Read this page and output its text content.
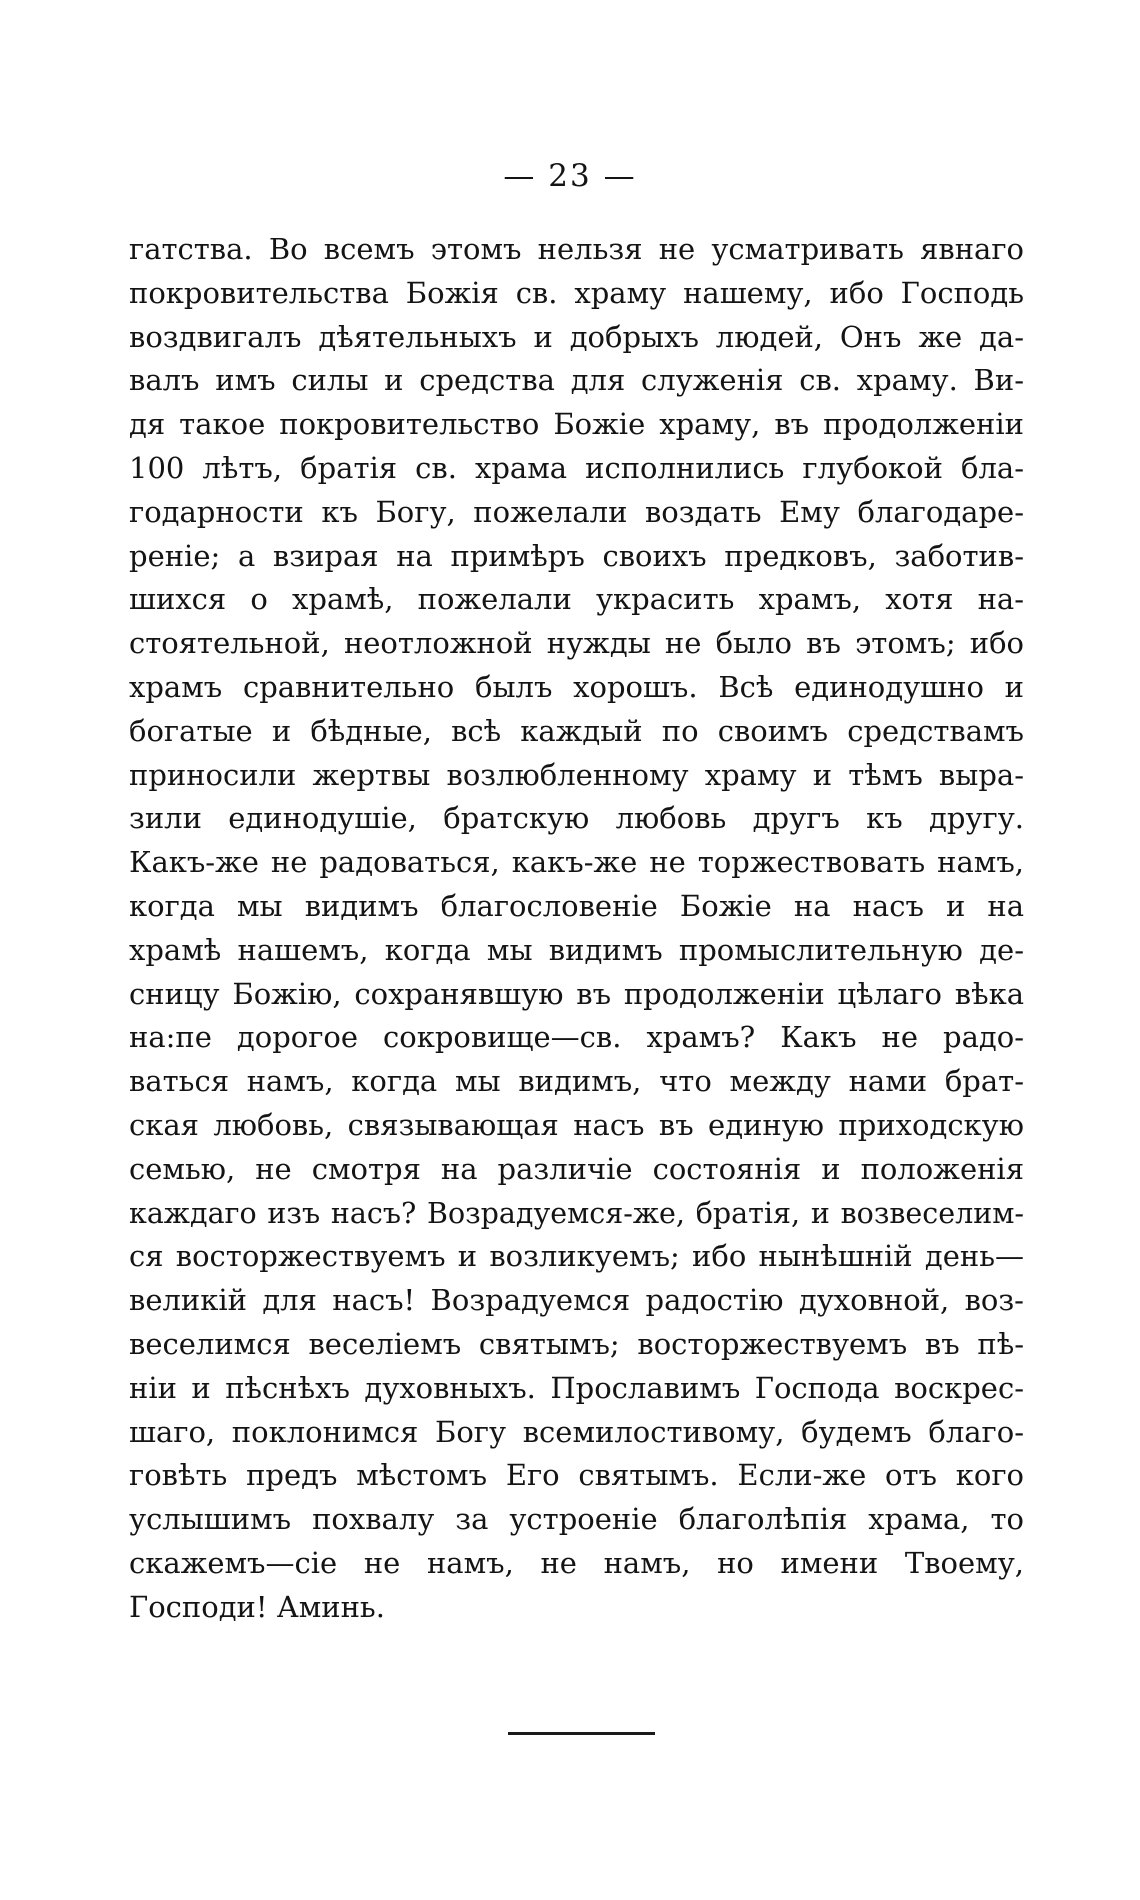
— 23 —
гатства. Во всемъ этомъ нельзя не усматривать явнаго
покровительства Божія св. храму нашему, ибо Господь
воздвигалъ дѣятельныхъ и добрыхъ людей, Онъ же да-
валъ имъ силы и средства для служенія св. храму. Ви-
дя такое покровительство Божіе храму, въ продолженіи
100 лѣтъ, братія св. храма исполнились глубокой бла-
годарности къ Богу, пожелали воздать Ему благодаре-
реніе; а взирая на примѣръ своихъ предковъ, заботив-
шихся о храмѣ, пожелали украсить храмъ, хотя на-
стоятельной, неотложной нужды не было въ этомъ; ибо
храмъ сравнительно былъ хорошъ. Всѣ единодушно и
богатые и бѣдные, всѣ каждый по своимъ средствамъ
приносили жертвы возлюбленному храму и тѣмъ выра-
зили единодушіе, братскую любовь другъ къ другу.
Какъ-же не радоваться, какъ-же не торжествовать намъ,
когда мы видимъ благословеніе Божіе на насъ и на
храмѣ нашемъ, когда мы видимъ промыслительную де-
сницу Божію, сохранявшую въ продолженіи цѣлаго вѣка
на:пе дорогое сокровище—св. храмъ? Какъ не радо-
ваться намъ, когда мы видимъ, что между нами брат-
ская любовь, связывающая насъ въ единую приходскую
семью, не смотря на различіе состоянія и положенія
каждаго изъ насъ? Возрадуемся-же, братія, и возвеселим-
ся восторжествуемъ и возликуемъ; ибо нынѣшній день—
великій для насъ! Возрадуемся радостію духовной, воз-
веселимся веселіемъ святымъ; восторжествуемъ въ пѣ-
ніи и пѣснѣхъ духовныхъ. Прославимъ Господа воскрес-
шаго, поклонимся Богу всемилостивому, будемъ благо-
говѣть предъ мѣстомъ Его святымъ. Если-же отъ кого
услышимъ похвалу за устроеніе благолѣпія храма, то
скажемъ—сіе не намъ, не намъ, но имени Твоему,
Господи! Аминь.
